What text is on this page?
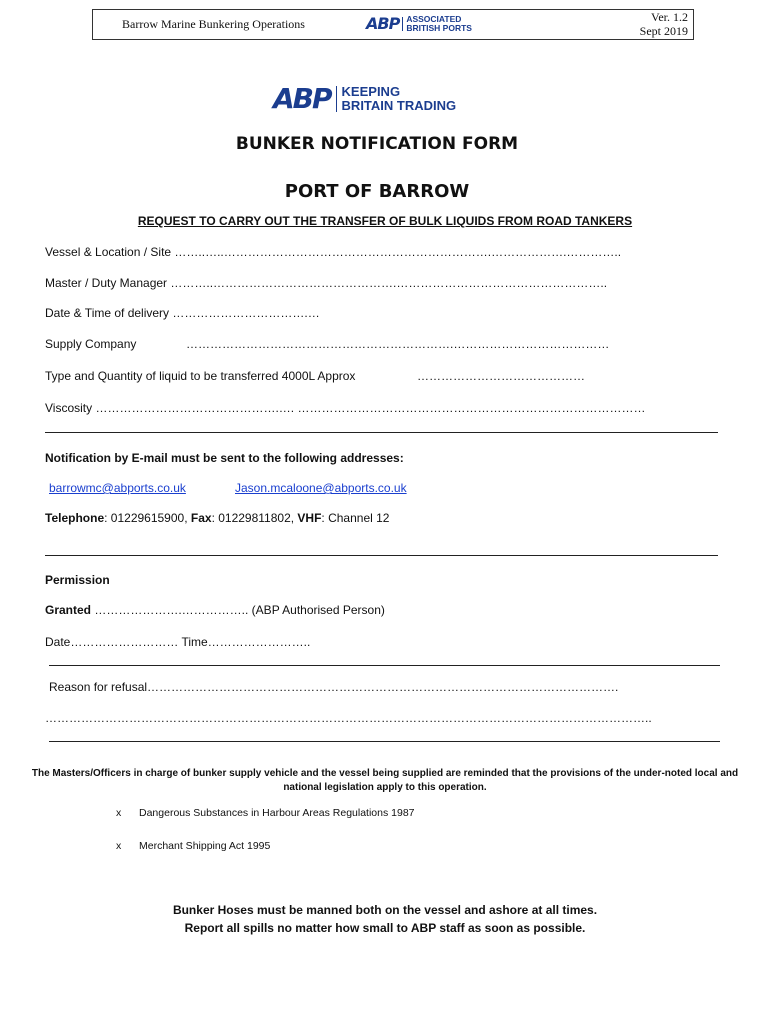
Barrow Marine Bunkering Operations	ABP ASSOCIATED
BRITISH PORTS
Ver. 1.2
Sept 2019
ABP KEEPING
BRITAIN TRADING
BUNKER NOTIFICATION FORM
PORT OF BARROW
REQUEST TO CARRY OUT THE TRANSFER OF BULK LIQUIDS FROM ROAD TANKERS
Vessel & Location / Site ……..…..………………………………………………………….……………….…………..
Master / Duty Manager ………..……………………………………….……………………………………………..
Date & Time of delivery …………………………….…
Supply Company	………………………………………………………….…………………………………
Type and Quantity of liquid to be transferred 4000L Approx	……………………………………
Viscosity ……………………………………….…. ……………………………………………………………………………
Notification by E-mail must be sent to the following addresses:
barrowmc@abports.co.uk	Jason.mcaloone@abports.co.uk
Telephone: 01229615900, Fax: 01229811802, VHF: Channel 12
Permission
Granted ………………….…………….. (ABP Authorised Person)
Date……………………… Time……………………..
Reason for refusal……………………………………………………………………………………………………….
……………………………………………………………………………………………………………………………………..
The Masters/Officers in charge of bunker supply vehicle and the vessel being supplied are reminded that the provisions of the under-noted local and national legislation apply to this operation.
x Dangerous Substances in Harbour Areas Regulations 1987
x Merchant Shipping Act 1995
Bunker Hoses must be manned both on the vessel and ashore at all times.
Report all spills no matter how small to ABP staff as soon as possible.
